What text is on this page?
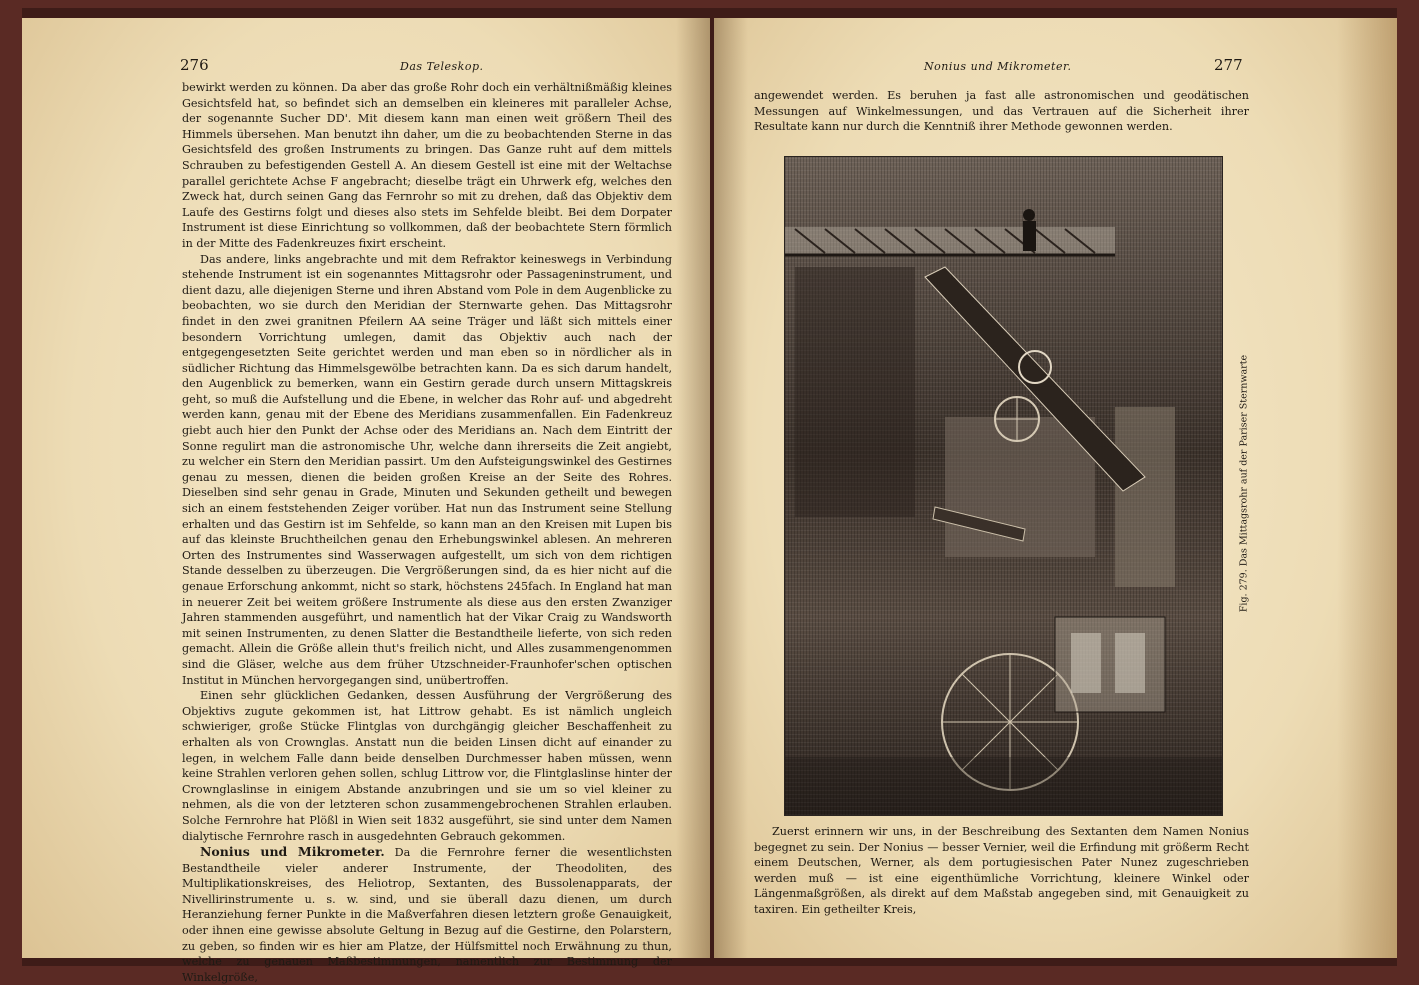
276	Das Teleskop.

bewirkt werden zu können. Da aber das große Rohr doch ein verhältnißmäßig kleines Gesichtsfeld hat, so befindet sich an demselben ein kleineres mit paralleler Achse, der sogenannte Sucher DD'. Mit diesem kann man einen weit größern Theil des Himmels übersehen. Man benutzt ihn daher, um die zu beobachtenden Sterne in das Gesichtsfeld des großen Instruments zu bringen. Das Ganze ruht auf dem mittels Schrauben zu befestigenden Gestell A. An diesem Gestell ist eine mit der Weltachse parallel gerichtete Achse F angebracht; dieselbe trägt ein Uhrwerk efg, welches den Zweck hat, durch seinen Gang das Fernrohr so mit zu drehen, daß das Objektiv dem Laufe des Gestirns folgt und dieses also stets im Sehfelde bleibt. Bei dem Dorpater Instrument ist diese Einrichtung so vollkommen, daß der beobachtete Stern förmlich in der Mitte des Fadenkreuzes fixirt erscheint.

Das andere, links angebrachte und mit dem Refraktor keineswegs in Verbindung stehende Instrument ist ein sogenanntes Mittagsrohr oder Passageninstrument, und dient dazu, alle diejenigen Sterne und ihren Abstand vom Pole in dem Augenblicke zu beobachten, wo sie durch den Meridian der Sternwarte gehen. Das Mittagsrohr findet in den zwei granitnen Pfeilern AA seine Träger und läßt sich mittels einer besondern Vorrichtung umlegen, damit das Objektiv auch nach der entgegengesetzten Seite gerichtet werden und man eben so in nördlicher als in südlicher Richtung das Himmelsgewölbe betrachten kann. Da es sich darum handelt, den Augenblick zu bemerken, wann ein Gestirn gerade durch unsern Mittagskreis geht, so muß die Aufstellung und die Ebene, in welcher das Rohr auf- und abgedreht werden kann, genau mit der Ebene des Meridians zusammenfallen. Ein Fadenkreuz giebt auch hier den Punkt der Achse oder des Meridians an. Nach dem Eintritt der Sonne regulirt man die astronomische Uhr, welche dann ihrerseits die Zeit angiebt, zu welcher ein Stern den Meridian passirt. Um den Aufsteigungswinkel des Gestirnes genau zu messen, dienen die beiden großen Kreise an der Seite des Rohres. Dieselben sind sehr genau in Grade, Minuten und Sekunden getheilt und bewegen sich an einem feststehenden Zeiger vorüber. Hat nun das Instrument seine Stellung erhalten und das Gestirn ist im Sehfelde, so kann man an den Kreisen mit Lupen bis auf das kleinste Bruchtheilchen genau den Erhebungswinkel ablesen. An mehreren Orten des Instrumentes sind Wasserwagen aufgestellt, um sich von dem richtigen Stande desselben zu überzeugen. Die Vergrößerungen sind, da es hier nicht auf die genaue Erforschung ankommt, nicht so stark, höchstens 245fach. In England hat man in neuerer Zeit bei weitem größere Instrumente als diese aus den ersten Zwanziger Jahren stammenden ausgeführt, und namentlich hat der Vikar Craig zu Wandsworth mit seinen Instrumenten, zu denen Slatter die Bestandtheile lieferte, von sich reden gemacht. Allein die Größe allein thut's freilich nicht, und Alles zusammengenommen sind die Gläser, welche aus dem früher Utzschneider-Fraunhofer'schen optischen Institut in München hervorgegangen sind, unübertroffen.

Einen sehr glücklichen Gedanken, dessen Ausführung der Vergrößerung des Objektivs zugute gekommen ist, hat Littrow gehabt. Es ist nämlich ungleich schwieriger, große Stücke Flintglas von durchgängig gleicher Beschaffenheit zu erhalten als von Crownglas. Anstatt nun die beiden Linsen dicht auf einander zu legen, in welchem Falle dann beide denselben Durchmesser haben müssen, wenn keine Strahlen verloren gehen sollen, schlug Littrow vor, die Flintglaslinse hinter der Crownglaslinse in einigem Abstande anzubringen und sie um so viel kleiner zu nehmen, als die von der letzteren schon zusammengebrochenen Strahlen erlauben. Solche Fernrohre hat Plößl in Wien seit 1832 ausgeführt, sie sind unter dem Namen dialytische Fernrohre rasch in ausgedehnten Gebrauch gekommen.

Nonius und Mikrometer. Da die Fernrohre ferner die wesentlichsten Bestandtheile vieler anderer Instrumente, der Theodoliten, des Multiplikationskreises, des Heliotrop, Sextanten, des Bussolenapparats, der Nivellirinstrumente u. s. w. sind, und sie überall dazu dienen, um durch Heranziehung ferner Punkte in die Maßverfahren diesen letztern große Genauigkeit, oder ihnen eine gewisse absolute Geltung in Bezug auf die Gestirne, den Polarstern, zu geben, so finden wir es hier am Platze, der Hülfsmittel noch Erwähnung zu thun, welche zu genauen Maßbestimmungen, namentlich zur Bestimmung der Winkelgröße,

Nonius und Mikrometer.	277

angewendet werden. Es beruhen ja fast alle astronomischen und geodätischen Messungen auf Winkelmessungen, und das Vertrauen auf die Sicherheit ihrer Resultate kann nur durch die Kenntniß ihrer Methode gewonnen werden.

Fig. 279. Das Mittagsrohr auf der Pariser Sternwarte

Zuerst erinnern wir uns, in der Beschreibung des Sextanten dem Namen Nonius begegnet zu sein. Der Nonius — besser Vernier, weil die Erfindung mit größerm Recht einem Deutschen, Werner, als dem portugiesischen Pater Nunez zugeschrieben werden muß — ist eine eigenthümliche Vorrichtung, kleinere Winkel oder Längenmaßgrößen, als direkt auf dem Maßstab angegeben sind, mit Genauigkeit zu taxiren. Ein getheilter Kreis,
